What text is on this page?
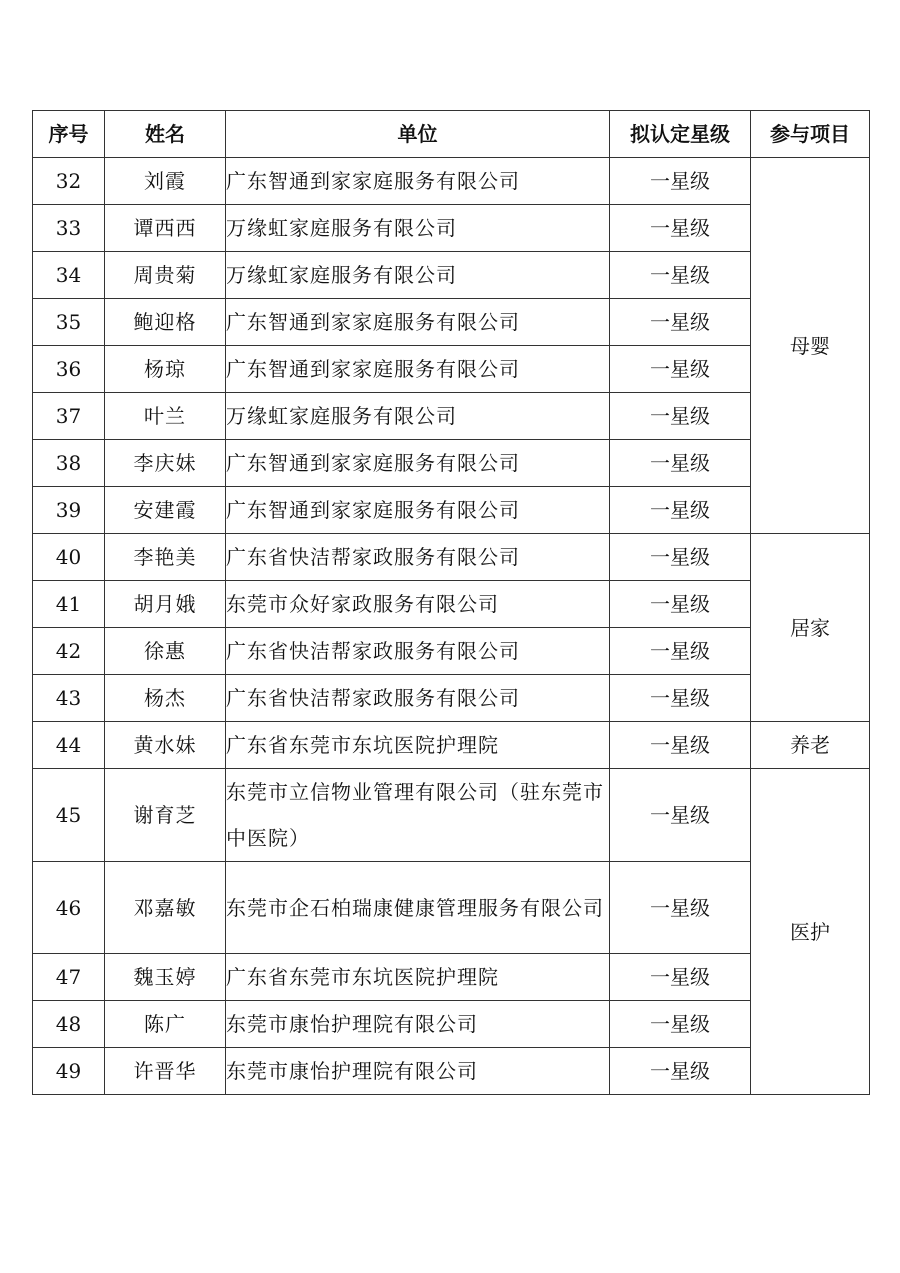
序号	姓名	单位	拟认定星级	参与项目
32	刘霞	广东智通到家家庭服务有限公司	一星级	母婴
33	谭西西	万缘虹家庭服务有限公司	一星级	
34	周贵菊	万缘虹家庭服务有限公司	一星级	
35	鲍迎格	广东智通到家家庭服务有限公司	一星级	
36	杨琼	广东智通到家家庭服务有限公司	一星级	
37	叶兰	万缘虹家庭服务有限公司	一星级	
38	李庆妹	广东智通到家家庭服务有限公司	一星级	
39	安建霞	广东智通到家家庭服务有限公司	一星级	
40	李艳美	广东省快洁帮家政服务有限公司	一星级	居家
41	胡月娥	东莞市众好家政服务有限公司	一星级	
42	徐惠	广东省快洁帮家政服务有限公司	一星级	
43	杨杰	广东省快洁帮家政服务有限公司	一星级	
44	黄水妹	广东省东莞市东坑医院护理院	一星级	养老
45	谢育芝	东莞市立信物业管理有限公司（驻东莞市中医院）	一星级	医护
46	邓嘉敏	东莞市企石柏瑞康健康管理服务有限公司	一星级	
47	魏玉婷	广东省东莞市东坑医院护理院	一星级	
48	陈广	东莞市康怡护理院有限公司	一星级	
49	许晋华	东莞市康怡护理院有限公司	一星级	
